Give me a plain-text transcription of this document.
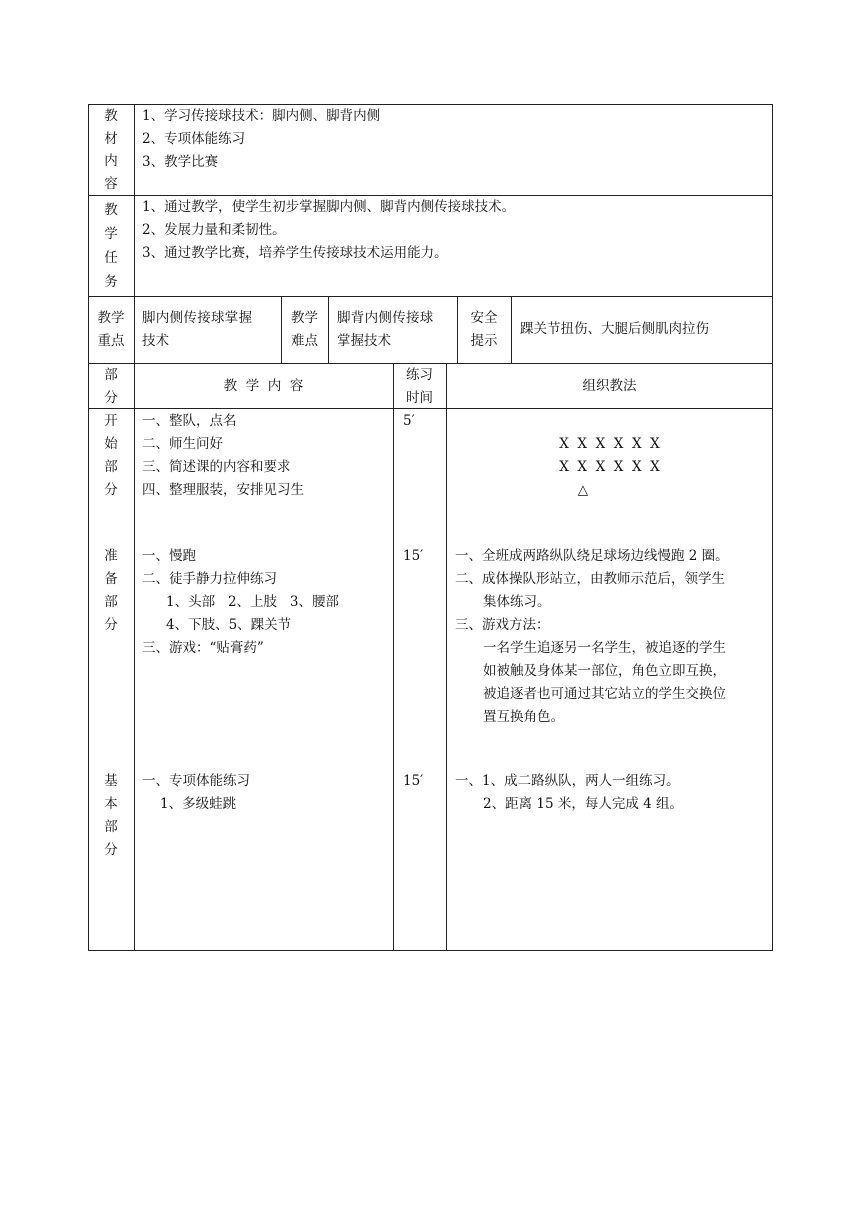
教
材
内
容
1、学习传接球技术：脚内侧、脚背内侧
2、专项体能练习
3、教学比赛
教
学
任
务
1、通过教学，使学生初步掌握脚内侧、脚背内侧传接球技术。
2、发展力量和柔韧性。
3、通过教学比赛，培养学生传接球技术运用能力。
教学
重点
脚内侧传接球掌握
技术
教学
难点
脚背内侧传接球
掌握技术
安全
提示
踝关节扭伤、大腿后侧肌肉拉伤
部
分
教  学  内  容
练习
时间
组织教法
开
始
部
分
一、整队，点名
二、师生问好
三、简述课的内容和要求
四、整理服装，安排见习生
5′
X  X  X  X  X  X
X  X  X  X  X  X
△
准
备
部
分
一、慢跑
二、徒手静力拉伸练习
1、头部   2、上肢   3、腰部
4、下肢、5、踝关节
三、游戏：“贴膏药”
15′ 一、全班成两路纵队绕足球场边线慢跑 2 圈。
二、成体操队形站立，由教师示范后，领学生
集体练习。
三、游戏方法：
一名学生追逐另一名学生，被追逐的学生
如被触及身体某一部位，角色立即互换，
被追逐者也可通过其它站立的学生交换位
置互换角色。
基
本
部
分
一、专项体能练习
1、多级蛙跳
15′ 一、1、成二路纵队，两人一组练习。
2、距离 15 米，每人完成 4 组。
